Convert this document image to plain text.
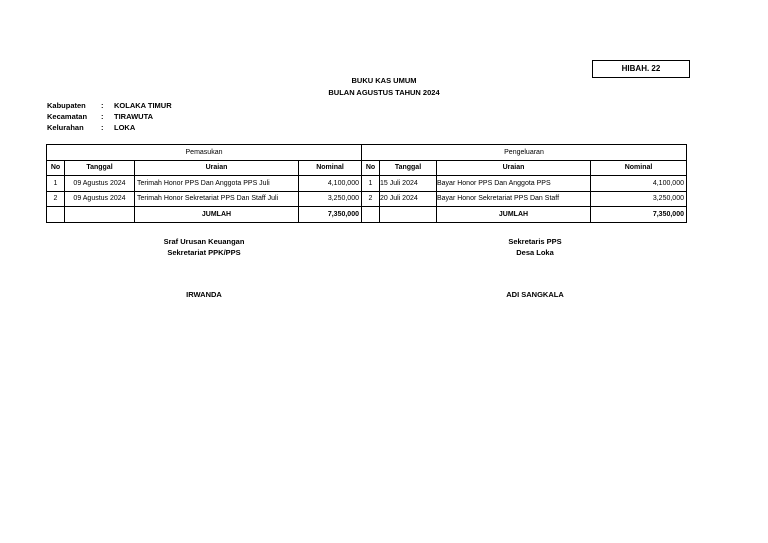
HIBAH. 22
BUKU KAS UMUM
BULAN AGUSTUS TAHUN 2024
Kabupaten : KOLAKA TIMUR
Kecamatan : TIRAWUTA
Kelurahan : LOKA
Pemasukan				Pengeluaran			
No	Tanggal	Uraian	Nominal	No	Tanggal	Uraian	Nominal
1	09 Agustus 2024	Terimah Honor PPS Dan Anggota PPS Juli	4,100,000	1	15 Juli 2024	Bayar Honor PPS Dan Anggota PPS	4,100,000
2	09 Agustus 2024	Terimah Honor Sekretariat PPS Dan Staff Juli	3,250,000	2	20 Juli 2024	Bayar Honor Sekretariat PPS Dan Staff	3,250,000
		JUMLAH	7,350,000			JUMLAH	7,350,000
Sraf Urusan Keuangan
Sekretariat PPK/PPS
IRWANDA
Sekretaris PPS
Desa Loka
ADI SANGKALA
